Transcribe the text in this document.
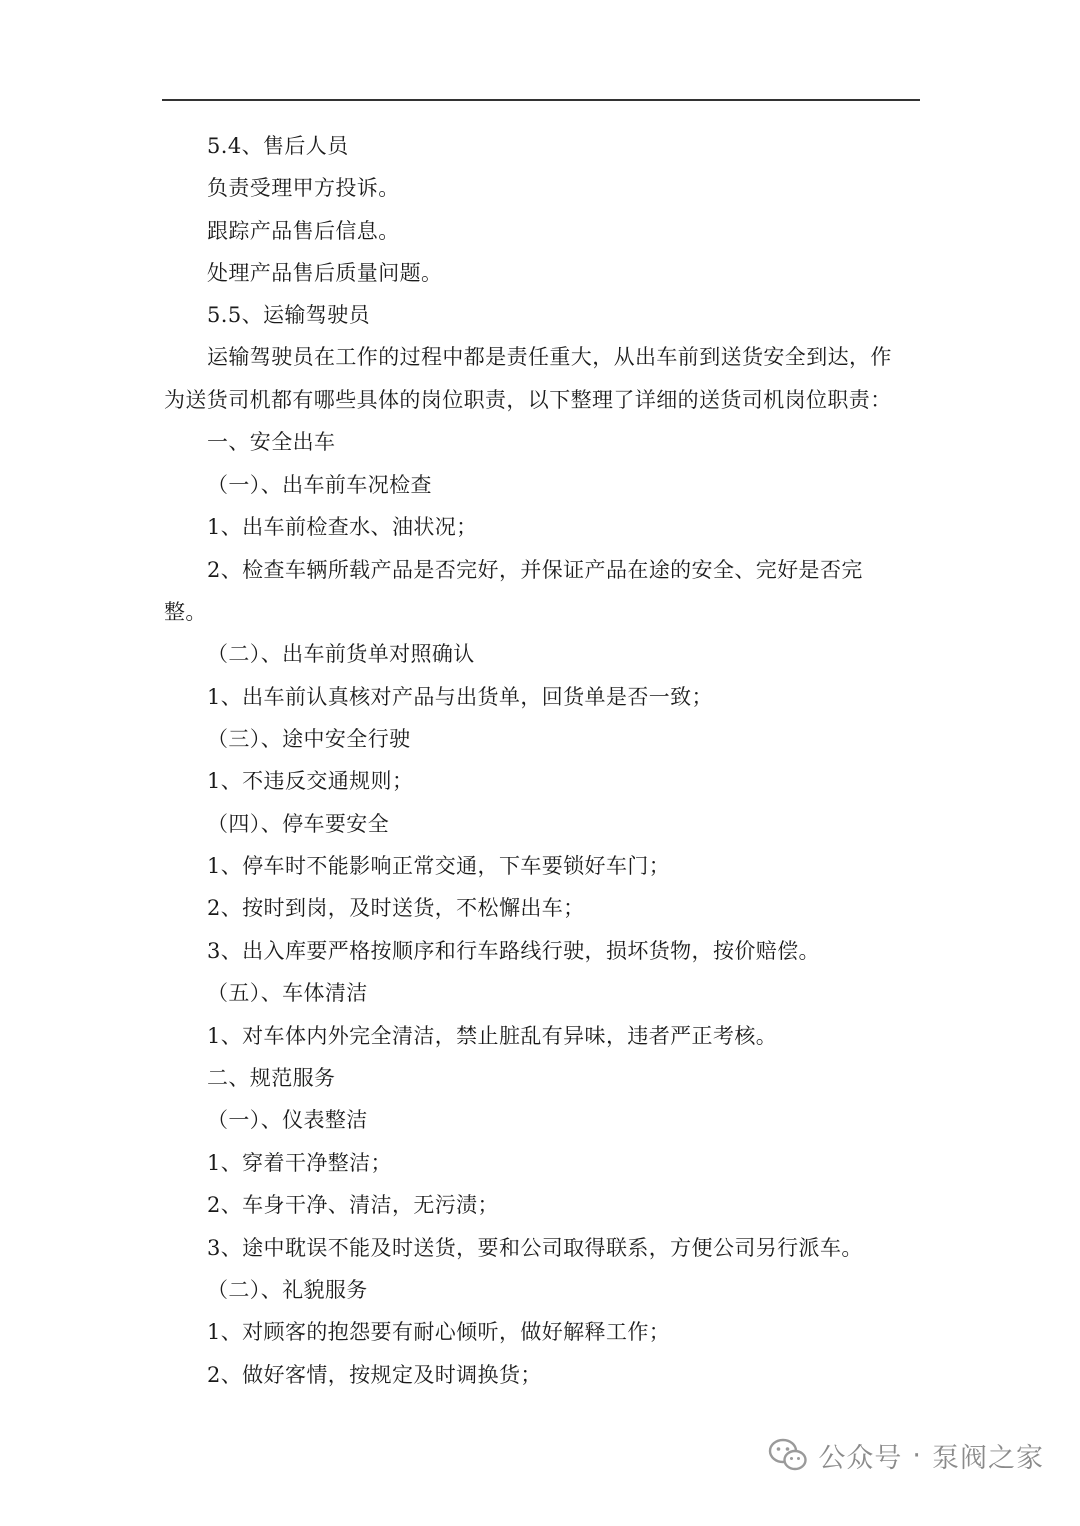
5.4、售后人员
负责受理甲方投诉。
跟踪产品售后信息。
处理产品售后质量问题。
5.5、运输驾驶员
运输驾驶员在工作的过程中都是责任重大，从出车前到送货安全到达，作
为送货司机都有哪些具体的岗位职责，以下整理了详细的送货司机岗位职责：
一、安全出车
（一）、出车前车况检查
1、出车前检查水、油状况；
2、检查车辆所载产品是否完好，并保证产品在途的安全、完好是否完
整。
（二）、出车前货单对照确认
1、出车前认真核对产品与出货单，回货单是否一致；
（三）、途中安全行驶
1、不违反交通规则；
（四）、停车要安全
1、停车时不能影响正常交通，下车要锁好车门；
2、按时到岗，及时送货，不松懈出车；
3、出入库要严格按顺序和行车路线行驶，损坏货物，按价赔偿。
（五）、车体清洁
1、对车体内外完全清洁，禁止脏乱有异味，违者严正考核。
二、规范服务
（一）、仪表整洁
1、穿着干净整洁；
2、车身干净、清洁，无污渍；
3、途中耽误不能及时送货，要和公司取得联系，方便公司另行派车。
（二）、礼貌服务
1、对顾客的抱怨要有耐心倾听，做好解释工作；
2、做好客情，按规定及时调换货；
公众号 · 泵阀之家
